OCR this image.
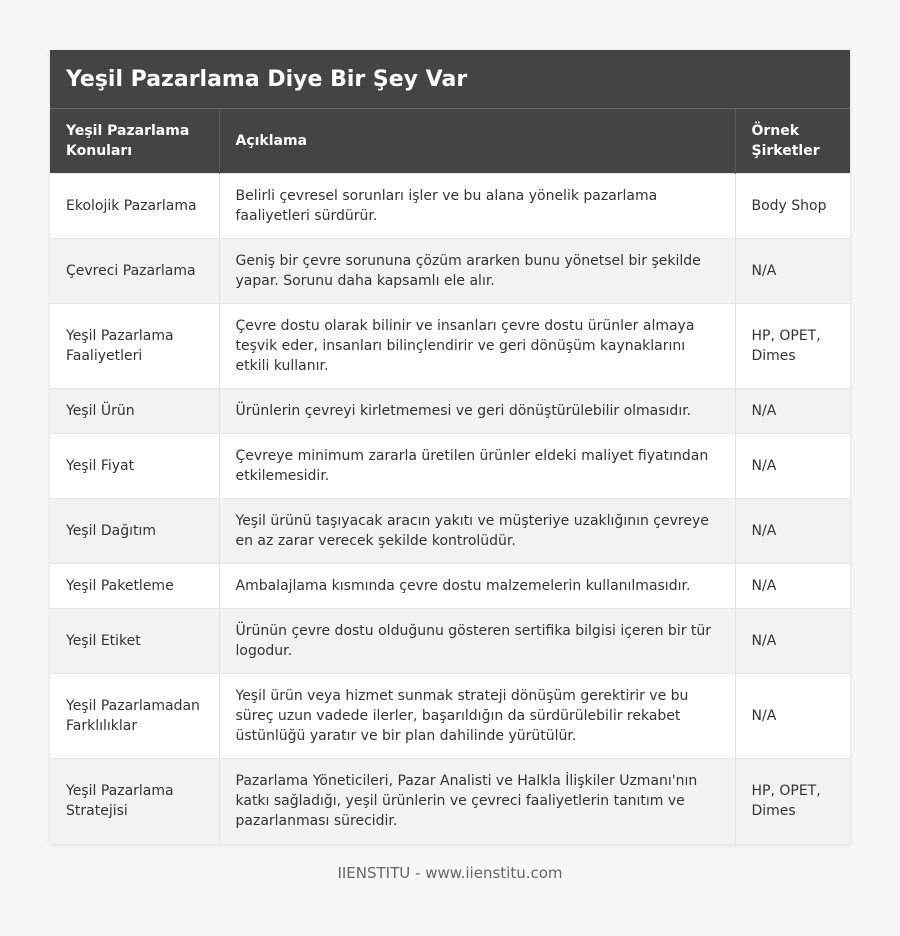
Yeşil Pazarlama Diye Bir Şey Var
Yeşil Pazarlama Konuları	Açıklama	Örnek Şirketler
Ekolojik Pazarlama	Belirli çevresel sorunları işler ve bu alana yönelik pazarlama faaliyetleri sürdürür.	Body Shop
Çevreci Pazarlama	Geniş bir çevre sorununa çözüm ararken bunu yönetsel bir şekilde yapar. Sorunu daha kapsamlı ele alır.	N/A
Yeşil Pazarlama Faaliyetleri	Çevre dostu olarak bilinir ve insanları çevre dostu ürünler almaya teşvik eder, insanları bilinçlendirir ve geri dönüşüm kaynaklarını etkili kullanır.	HP, OPET, Dimes
Yeşil Ürün	Ürünlerin çevreyi kirletmemesi ve geri dönüştürülebilir olmasıdır.	N/A
Yeşil Fiyat	Çevreye minimum zararla üretilen ürünler eldeki maliyet fiyatından etkilemesidir.	N/A
Yeşil Dağıtım	Yeşil ürünü taşıyacak aracın yakıtı ve müşteriye uzaklığının çevreye en az zarar verecek şekilde kontrolüdür.	N/A
Yeşil Paketleme	Ambalajlama kısmında çevre dostu malzemelerin kullanılmasıdır.	N/A
Yeşil Etiket	Ürünün çevre dostu olduğunu gösteren sertifika bilgisi içeren bir tür logodur.	N/A
Yeşil Pazarlamadan Farklılıklar	Yeşil ürün veya hizmet sunmak strateji dönüşüm gerektirir ve bu süreç uzun vadede ilerler, başarıldığın da sürdürülebilir rekabet üstünlüğü yaratır ve bir plan dahilinde yürütülür.	N/A
Yeşil Pazarlama Stratejisi	Pazarlama Yöneticileri, Pazar Analisti ve Halkla İlişkiler Uzmanı'nın katkı sağladığı, yeşil ürünlerin ve çevreci faaliyetlerin tanıtım ve pazarlanması sürecidir.	HP, OPET, Dimes
IIENSTITU - www.iienstitu.com
